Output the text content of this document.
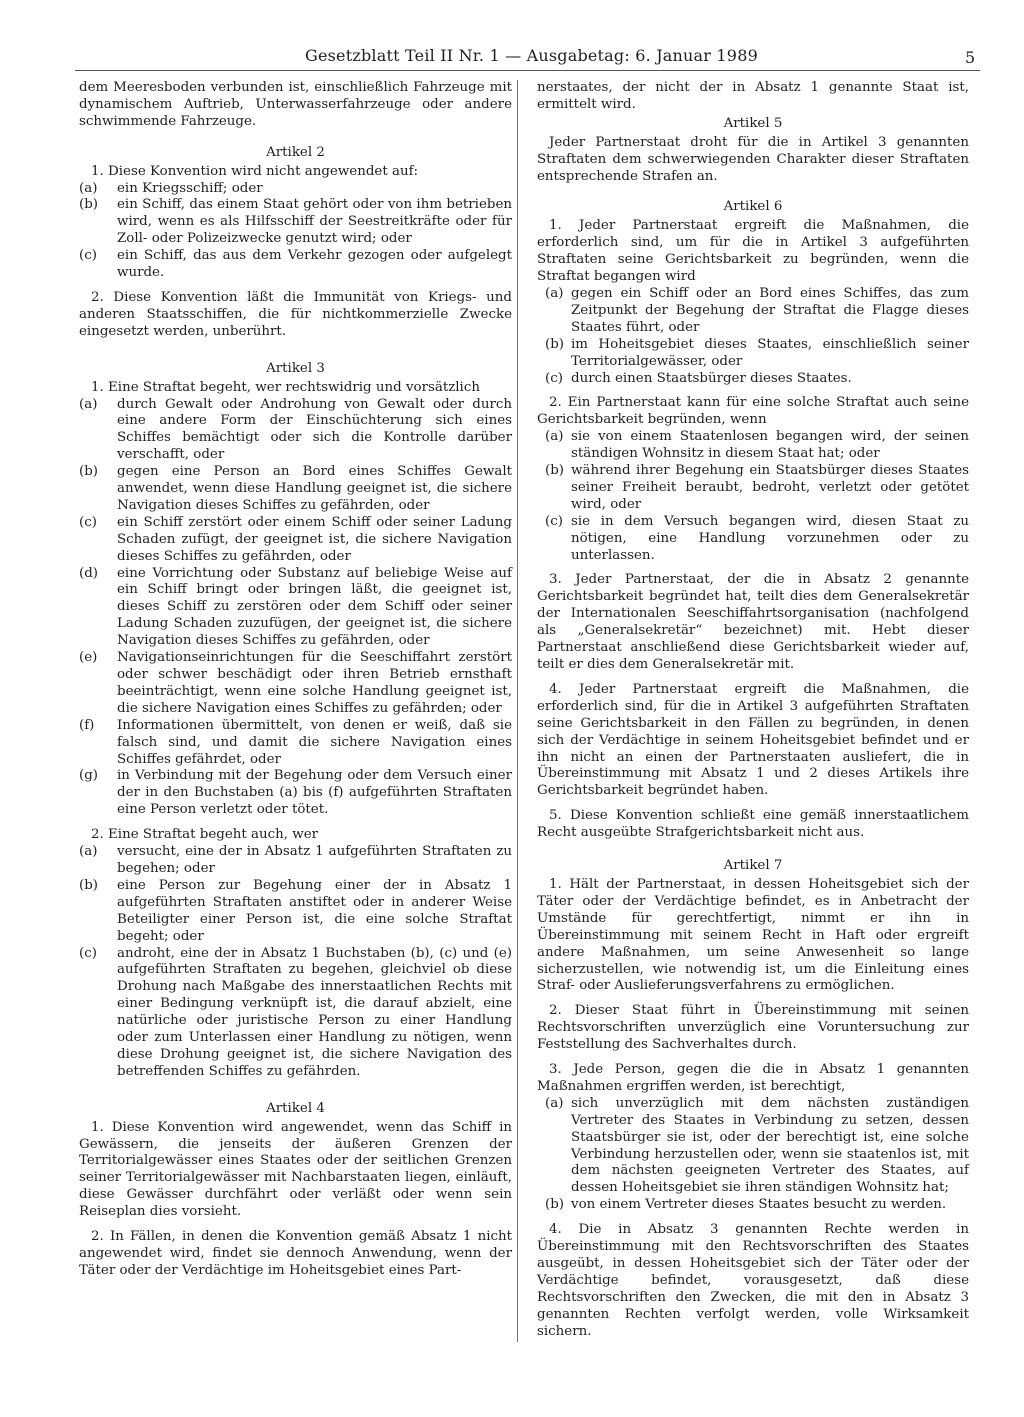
Gesetzblatt Teil II Nr. 1 — Ausgabetag: 6. Januar 1989	5

dem Meeresboden verbunden ist, einschließlich Fahrzeuge mit dynamischem Auftrieb, Unterwasserfahrzeuge oder andere schwimmende Fahrzeuge.

Artikel 2

1. Diese Konvention wird nicht angewendet auf:

(a) ein Kriegsschiff; oder
(b) ein Schiff, das einem Staat gehört oder von ihm betrieben wird, wenn es als Hilfsschiff der Seestreitkräfte oder für Zoll- oder Polizeizwecke genutzt wird; oder
(c) ein Schiff, das aus dem Verkehr gezogen oder aufgelegt wurde.

2. Diese Konvention läßt die Immunität von Kriegs- und anderen Staatsschiffen, die für nichtkommerzielle Zwecke eingesetzt werden, unberührt.

Artikel 3

1. Eine Straftat begeht, wer rechtswidrig und vorsätzlich

(a) durch Gewalt oder Androhung von Gewalt oder durch eine andere Form der Einschüchterung sich eines Schiffes bemächtigt oder sich die Kontrolle darüber verschafft, oder
(b) gegen eine Person an Bord eines Schiffes Gewalt anwendet, wenn diese Handlung geeignet ist, die sichere Navigation dieses Schiffes zu gefährden, oder
(c) ein Schiff zerstört oder einem Schiff oder seiner Ladung Schaden zufügt, der geeignet ist, die sichere Navigation dieses Schiffes zu gefährden, oder
(d) eine Vorrichtung oder Substanz auf beliebige Weise auf ein Schiff bringt oder bringen läßt, die geeignet ist, dieses Schiff zu zerstören oder dem Schiff oder seiner Ladung Schaden zuzufügen, der geeignet ist, die sichere Navigation dieses Schiffes zu gefährden, oder
(e) Navigationseinrichtungen für die Seeschiffahrt zerstört oder schwer beschädigt oder ihren Betrieb ernsthaft beeinträchtigt, wenn eine solche Handlung geeignet ist, die sichere Navigation eines Schiffes zu gefährden; oder
(f) Informationen übermittelt, von denen er weiß, daß sie falsch sind, und damit die sichere Navigation eines Schiffes gefährdet, oder
(g) in Verbindung mit der Begehung oder dem Versuch einer der in den Buchstaben (a) bis (f) aufgeführten Straftaten eine Person verletzt oder tötet.

2. Eine Straftat begeht auch, wer

(a) versucht, eine der in Absatz 1 aufgeführten Straftaten zu begehen; oder
(b) eine Person zur Begehung einer der in Absatz 1 aufgeführten Straftaten anstiftet oder in anderer Weise Beteiligter einer Person ist, die eine solche Straftat begeht; oder
(c) androht, eine der in Absatz 1 Buchstaben (b), (c) und (e) aufgeführten Straftaten zu begehen, gleichviel ob diese Drohung nach Maßgabe des innerstaatlichen Rechts mit einer Bedingung verknüpft ist, die darauf abzielt, eine natürliche oder juristische Person zu einer Handlung oder zum Unterlassen einer Handlung zu nötigen, wenn diese Drohung geeignet ist, die sichere Navigation des betreffenden Schiffes zu gefährden.
Artikel 4

1. Diese Konvention wird angewendet, wenn das Schiff in Gewässern, die jenseits der äußeren Grenzen der Territorialgewässer eines Staates oder der seitlichen Grenzen seiner Territorialgewässer mit Nachbarstaaten liegen, einläuft, diese Gewässer durchfährt oder verläßt oder wenn sein Reiseplan dies vorsieht.

2. In Fällen, in denen die Konvention gemäß Absatz 1 nicht angewendet wird, findet sie dennoch Anwendung, wenn der Täter oder der Verdächtige im Hoheitsgebiet eines Part-

nerstaates, der nicht der in Absatz 1 genannte Staat ist, ermittelt wird.

Artikel 5

Jeder Partnerstaat droht für die in Artikel 3 genannten Straftaten dem schwerwiegenden Charakter dieser Straftaten entsprechende Strafen an.

Artikel 6

1. Jeder Partnerstaat ergreift die Maßnahmen, die erforderlich sind, um für die in Artikel 3 aufgeführten Straftaten seine Gerichtsbarkeit zu begründen, wenn die Straftat begangen wird

(a) gegen ein Schiff oder an Bord eines Schiffes, das zum Zeitpunkt der Begehung der Straftat die Flagge dieses Staates führt, oder
(b) im Hoheitsgebiet dieses Staates, einschließlich seiner Territorialgewässer, oder
(c) durch einen Staatsbürger dieses Staates.

2. Ein Partnerstaat kann für eine solche Straftat auch seine Gerichtsbarkeit begründen, wenn

(a) sie von einem Staatenlosen begangen wird, der seinen ständigen Wohnsitz in diesem Staat hat; oder
(b) während ihrer Begehung ein Staatsbürger dieses Staates seiner Freiheit beraubt, bedroht, verletzt oder getötet wird, oder
(c) sie in dem Versuch begangen wird, diesen Staat zu nötigen, eine Handlung vorzunehmen oder zu unterlassen.

3. Jeder Partnerstaat, der die in Absatz 2 genannte Gerichtsbarkeit begründet hat, teilt dies dem Generalsekretär der Internationalen Seeschiffahrtsorganisation (nachfolgend als „Generalsekretär“ bezeichnet) mit. Hebt dieser Partnerstaat anschließend diese Gerichtsbarkeit wieder auf, teilt er dies dem Generalsekretär mit.

4. Jeder Partnerstaat ergreift die Maßnahmen, die erforderlich sind, für die in Artikel 3 aufgeführten Straftaten seine Gerichtsbarkeit in den Fällen zu begründen, in denen sich der Verdächtige in seinem Hoheitsgebiet befindet und er ihn nicht an einen der Partnerstaaten ausliefert, die in Übereinstimmung mit Absatz 1 und 2 dieses Artikels ihre Gerichtsbarkeit begründet haben.

5. Diese Konvention schließt eine gemäß innerstaatlichem Recht ausgeübte Strafgerichtsbarkeit nicht aus.

Artikel 7

1. Hält der Partnerstaat, in dessen Hoheitsgebiet sich der Täter oder der Verdächtige befindet, es in Anbetracht der Umstände für gerechtfertigt, nimmt er ihn in Übereinstimmung mit seinem Recht in Haft oder ergreift andere Maßnahmen, um seine Anwesenheit so lange sicherzustellen, wie notwendig ist, um die Einleitung eines Straf- oder Auslieferungsverfahrens zu ermöglichen.

2. Dieser Staat führt in Übereinstimmung mit seinen Rechtsvorschriften unverzüglich eine Voruntersuchung zur Feststellung des Sachverhaltes durch.

3. Jede Person, gegen die die in Absatz 1 genannten Maßnahmen ergriffen werden, ist berechtigt,

(a) sich unverzüglich mit dem nächsten zuständigen Vertreter des Staates in Verbindung zu setzen, dessen Staatsbürger sie ist, oder der berechtigt ist, eine solche Verbindung herzustellen oder, wenn sie staatenlos ist, mit dem nächsten geeigneten Vertreter des Staates, auf dessen Hoheitsgebiet sie ihren ständigen Wohnsitz hat;
(b) von einem Vertreter dieses Staates besucht zu werden.

4. Die in Absatz 3 genannten Rechte werden in Übereinstimmung mit den Rechtsvorschriften des Staates ausgeübt, in dessen Hoheitsgebiet sich der Täter oder der Verdächtige befindet, vorausgesetzt, daß diese Rechtsvorschriften den Zwecken, die mit den in Absatz 3 genannten Rechten verfolgt werden, volle Wirksamkeit sichern.
